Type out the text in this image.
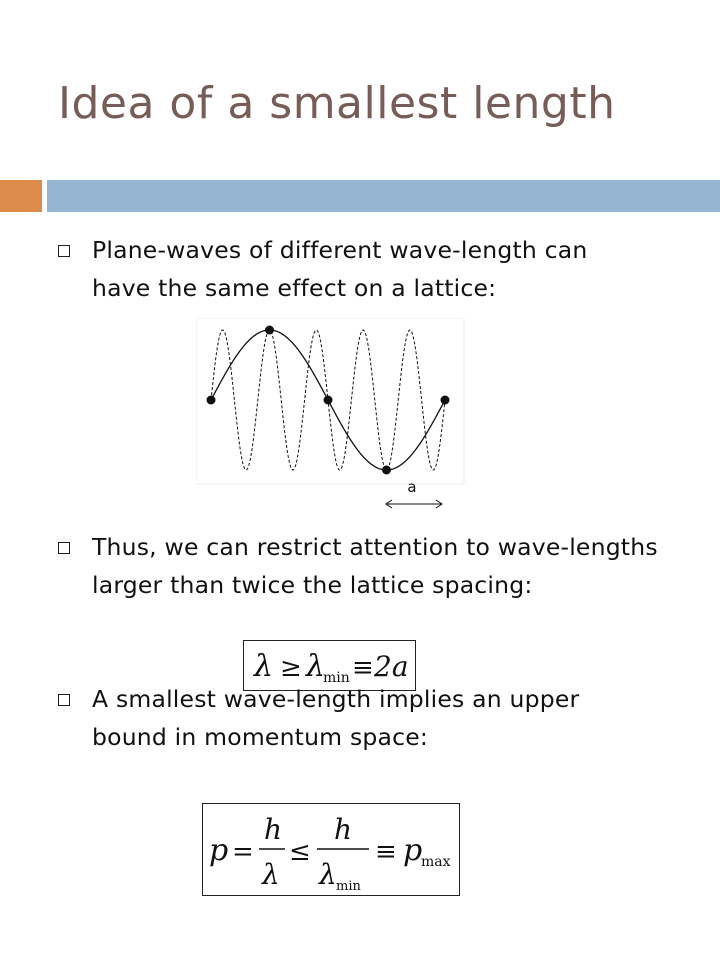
Idea of a smallest length
Plane-waves of different wave-length can
have the same effect on a lattice:
a
Thus, we can restrict attention to wave-lengths
larger than twice the lattice spacing:
λ ≥ λ
min ≡ 2a
A smallest wave-length implies an upper
bound in momentum space:
p =
h
λ
≤
h
λ min
≡ p
max
